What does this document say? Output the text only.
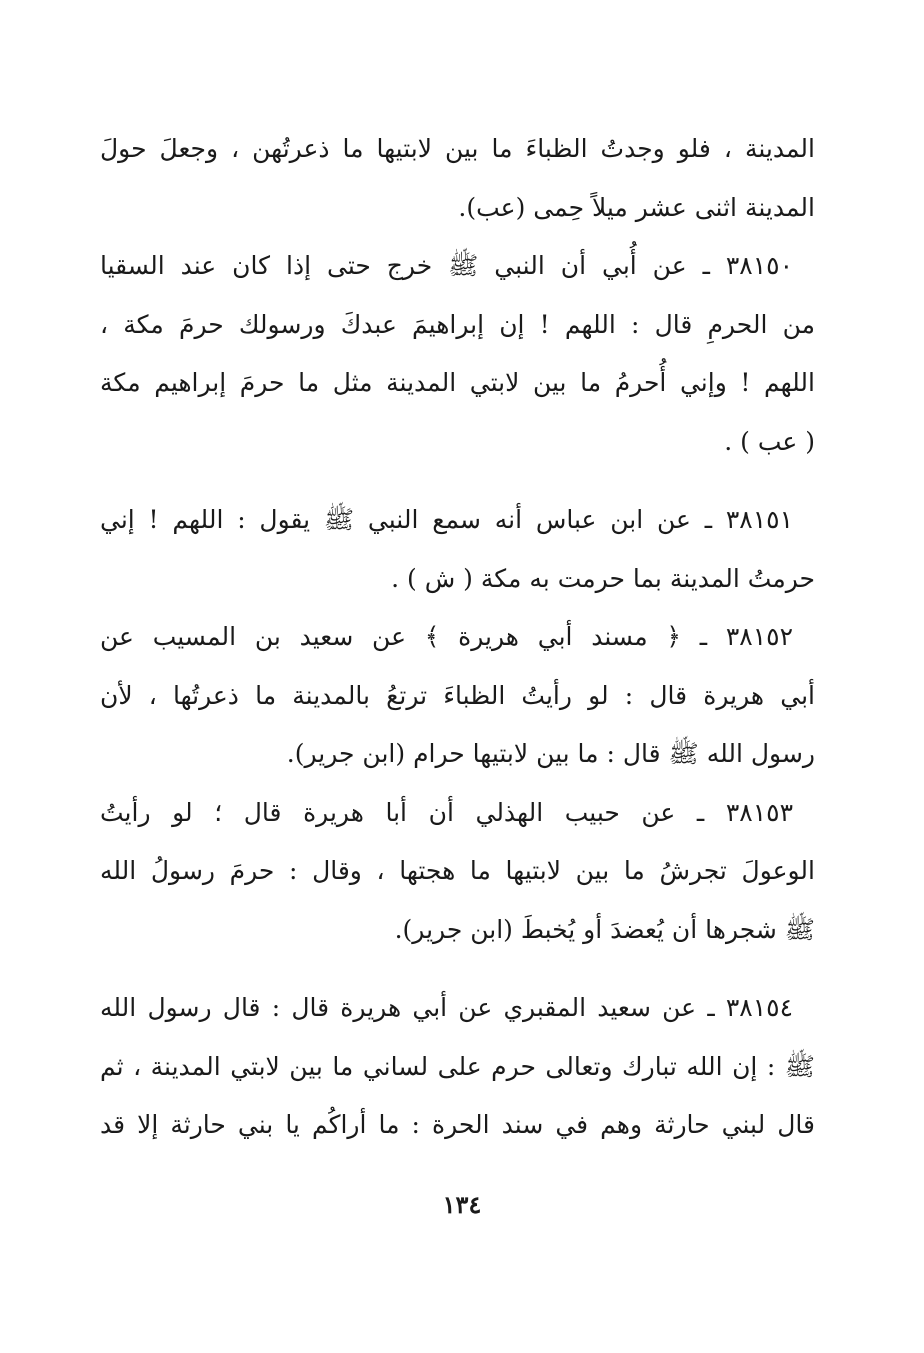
المدينة ، فلو وجدتُ الظباءَ ما بين لابتيها ما ذعرتُهن ، وجعلَ حولَ
المدينة اثنى عشر ميلاً حِمى (عب).
٣٨١٥٠ ـ عن أُبي أن النبي ﷺ خرج حتى إذا كان عند السقيا
من الحرمِ قال : اللهم ! إن إبراهيمَ عبدكَ ورسولك حرمَ مكة ،
اللهم ! وإني أُحرمُ ما بين لابتي المدينة مثل ما حرمَ إبراهيم مكة
( عب ) .
٣٨١٥١ ـ عن ابن عباس أنه سمع النبي ﷺ يقول : اللهم ! إني
حرمتُ المدينة بما حرمت به مكة ( ش ) .
٣٨١٥٢ ـ ﴿ مسند أبي هريرة ﴾ عن سعيد بن المسيب عن
أبي هريرة قال : لو رأيتُ الظباءَ ترتعُ بالمدينة ما ذعرتُها ، لأن
رسول الله ﷺ قال : ما بين لابتيها حرام (ابن جرير).
٣٨١٥٣ ـ عن حبيب الهذلي أن أبا هريرة قال ؛ لو رأيتُ
الوعولَ تجرشُ ما بين لابتيها ما هجتها ، وقال : حرمَ رسولُ الله
ﷺ شجرها أن يُعضدَ أو يُخبطَ (ابن جرير).
٣٨١٥٤ ـ عن سعيد المقبري عن أبي هريرة قال : قال رسول الله
ﷺ : إن الله تبارك وتعالى حرم على لساني ما بين لابتي المدينة ، ثم
قال لبني حارثة وهم في سند الحرة : ما أراكُم يا بني حارثة إلا قد
١٣٤
